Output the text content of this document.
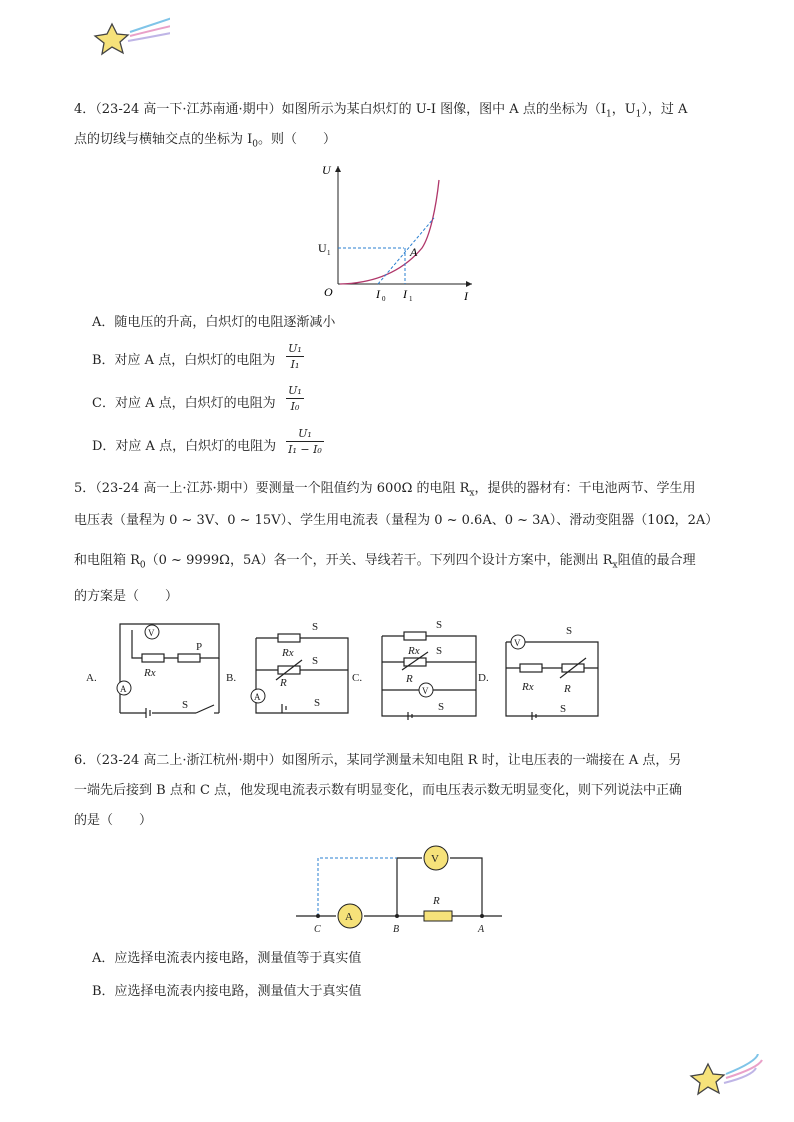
4．（23-24 高一下·江苏南通·期中）如图所示为某白炽灯的 U-I 图像，图中 A 点的坐标为（$I_1$，$U_1$），过 A
点的切线与横轴交点的坐标为 $I_0$。则（　　）
U
I
O
U 1	A
I 0 I 1
A．随电压的升高，白炽灯的电阻逐渐减小
B．对应 A 点，白炽灯的电阻为
U₁
I₁
C．对应 A 点，白炽灯的电阻为
U₁
I₀
D．对应 A 点，白炽灯的电阻为
U₁
I₁ − I₀
5．（23-24 高一上·江苏·期中）要测量一个阻值约为 600Ω 的电阻 $R_x$，提供的器材有：干电池两节、学生用
电压表（量程为 0 ~ 3V、0 ~ 15V）、学生用电流表（量程为 0 ~ 0.6A、0 ~ 3A）、滑动变阻器（10Ω，2A）
和电阻箱 $R_0(0$ ~ 9999Ω，5A）各一个，开关、导线若干。下列四个设计方案中，能测出 $R_x$阻值的最合理
的方案是（　　）
A.	B.	C.	D.
V
A
A
V
V
Rx
P
S
Rx
R
S
S
S
Rx
R
S
S
S
Rx	R
S
S
6．（23-24 高二上·浙江杭州·期中）如图所示，某同学测量未知电阻 R 时，让电压表的一端接在 A 点，另
一端先后接到 B 点和 C 点，他发现电流表示数有明显变化，而电压表示数无明显变化，则下列说法中正确
的是（　　）
A
V
R
C	B	A
A．应选择电流表内接电路，测量值等于真实值
B．应选择电流表内接电路，测量值大于真实值
